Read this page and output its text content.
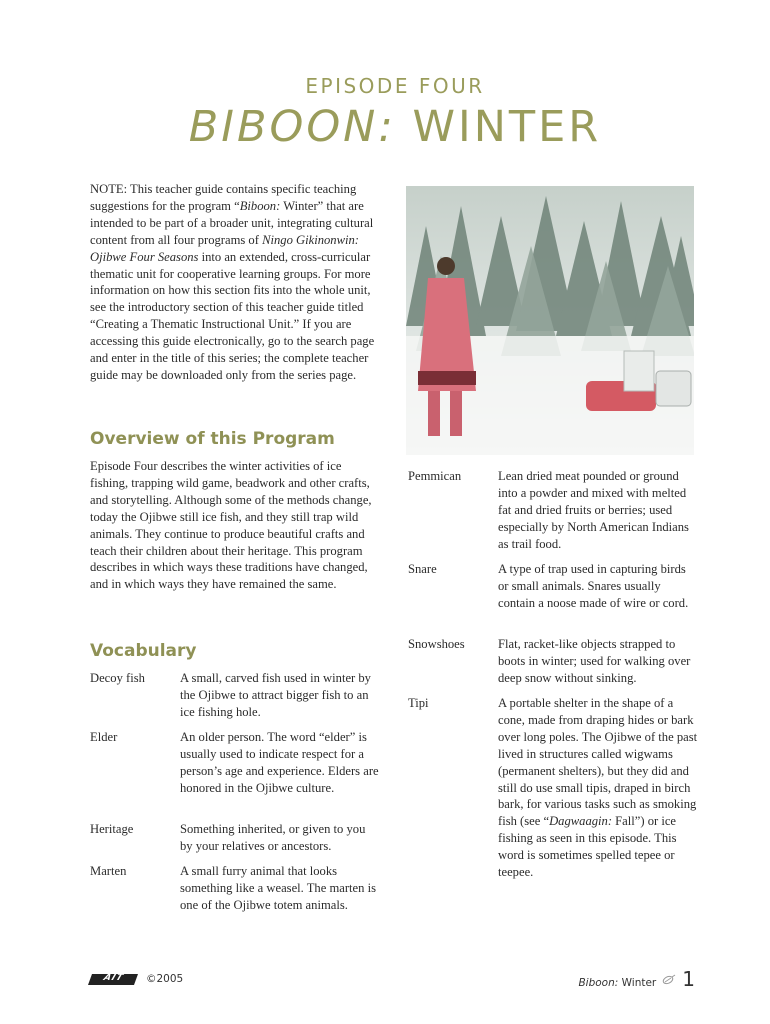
EPISODE FOUR
BIBOON: WINTER

NOTE: This teacher guide contains specific teaching suggestions for the program “Biboon: Winter” that are intended to be part of a broader unit, integrating cultural content from all four programs of Ningo Gikinonwin: Ojibwe Four Seasons into an extended, cross-curricular thematic unit for cooperative learning groups. For more information on how this section fits into the whole unit, see the introductory section of this teacher guide titled “Creating a Thematic Instructional Unit.” If you are accessing this guide electronically, go to the search page and enter in the title of this series; the complete teacher guide may be downloaded only from the series page.

Overview of this Program

Episode Four describes the winter activities of ice fishing, trapping wild game, beadwork and other crafts, and storytelling. Although some of the methods change, today the Ojibwe still ice fish, and they still trap wild animals. They continue to produce beautiful crafts and teach their children about their heritage. This program describes in which ways these traditions have changed, and in which ways they have remained the same.

Vocabulary
Decoy fish	A small, carved fish used in winter by the Ojibwe to attract bigger fish to an ice fishing hole.

Elder	An older person. The word “elder” is usually used to indicate respect for a person’s age and experience. Elders are honored in the Ojibwe culture.

Heritage	Something inherited, or given to you by your relatives or ancestors.

Marten	A small furry animal that looks something like a weasel. The marten is one of the Ojibwe totem animals.

Pemmican	Lean dried meat pounded or ground into a powder and mixed with melted fat and dried fruits or berries; used especially by North American Indians as trail food.

Snare	A type of trap used in capturing birds or small animals. Snares usually contain a noose made of wire or cord.

Snowshoes	Flat, racket-like objects strapped to boots in winter; used for walking over deep snow without sinking.

Tipi	A portable shelter in the shape of a cone, made from draping hides or bark over long poles. The Ojibwe of the past lived in structures called wigwams (permanent shelters), but they did and still do use small tipis, draped in birch bark, for various tasks such as smoking fish (see “Dagwaagin: Fall”) or ice fishing as seen in this episode. This word is sometimes spelled tepee or teepee.

AIT	©2005	Biboon: Winter 1
